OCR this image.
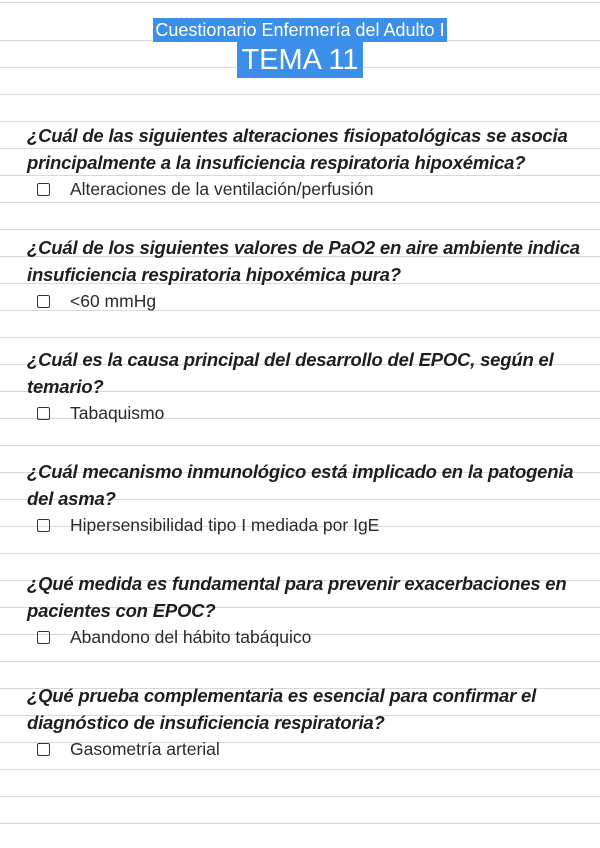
Cuestionario Enfermería del Adulto I
TEMA 11
¿Cuál de las siguientes alteraciones fisiopatológicas se asocia principalmente a la insuficiencia respiratoria hipoxémica?
Alteraciones de la ventilación/perfusión
¿Cuál de los siguientes valores de PaO2 en aire ambiente indica insuficiencia respiratoria hipoxémica pura?
<60 mmHg
¿Cuál es la causa principal del desarrollo del EPOC, según el temario?
Tabaquismo
¿Cuál mecanismo inmunológico está implicado en la patogenia del asma?
Hipersensibilidad tipo I mediada por IgE
¿Qué medida es fundamental para prevenir exacerbaciones en pacientes con EPOC?
Abandono del hábito tabáquico
¿Qué prueba complementaria es esencial para confirmar el diagnóstico de insuficiencia respiratoria?
Gasometría arterial
